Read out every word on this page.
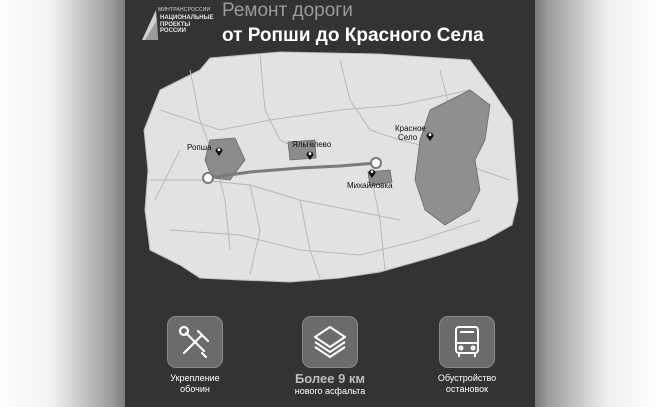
МИНТРАНСРОССИИ
НАЦИОНАЛЬНЫЕ ПРОЕКТЫ РОССИИ
Ремонт дороги
от Ропши до Красного Села
Ропша	Яльгелево
Красное
Село
Михайловка
Укрепление
обочин
Более 9 км
нового асфальта
Обустройство
остановок
